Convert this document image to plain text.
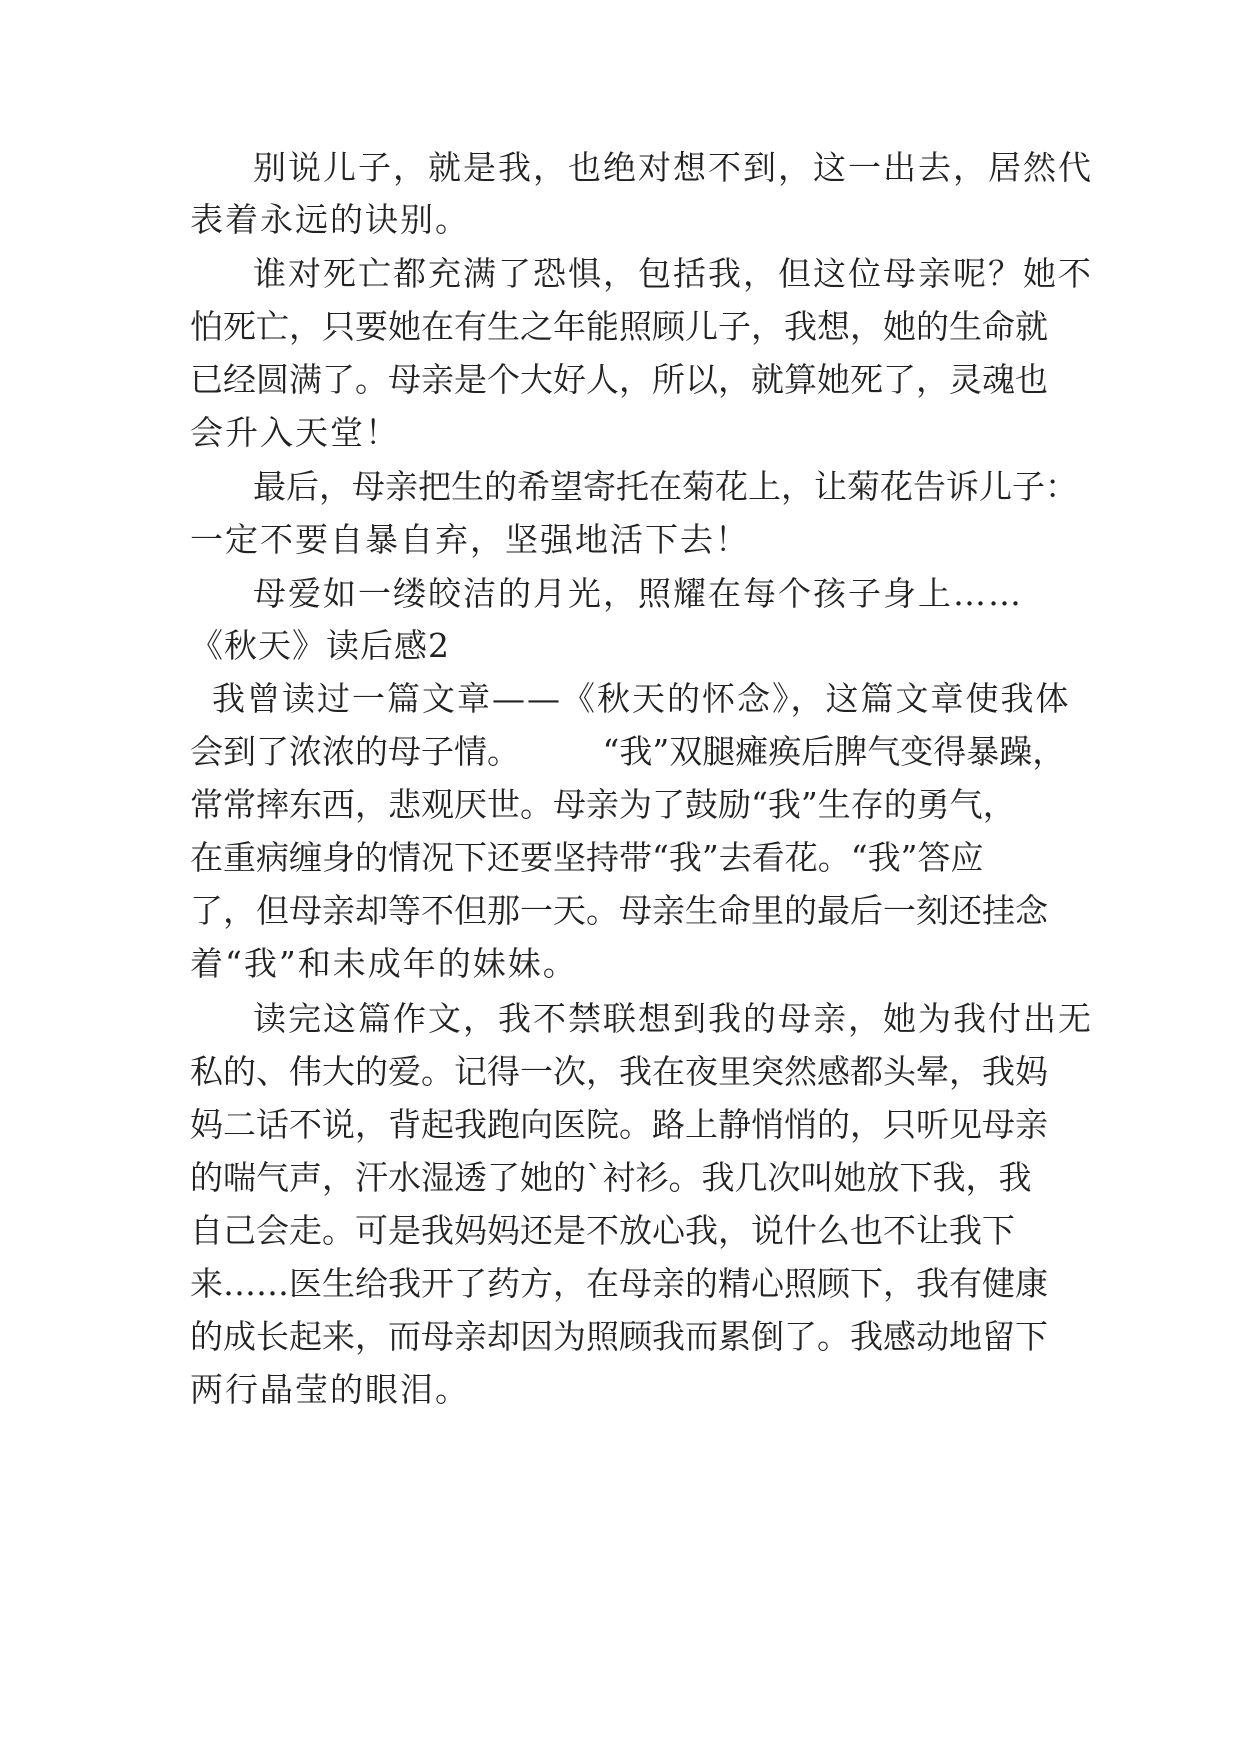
别说儿子，就是我，也绝对想不到，这一出去，居然代
表着永远的诀别。
谁对死亡都充满了恐惧，包括我，但这位母亲呢？她不
怕死亡，只要她在有生之年能照顾儿子，我想，她的生命就
已经圆满了。母亲是个大好人，所以，就算她死了，灵魂也
会升入天堂！
最后，母亲把生的希望寄托在菊花上，让菊花告诉儿子：
一定不要自暴自弃，坚强地活下去！
母爱如一缕皎洁的月光，照耀在每个孩子身上……
《秋天》读后感2
我曾读过一篇文章——《秋天的怀念》，这篇文章使我体
会到了浓浓的母子情。　　　“我”双腿瘫痪后脾气变得暴躁，
常常摔东西，悲观厌世。母亲为了鼓励“我”生存的勇气，
在重病缠身的情况下还要坚持带“我”去看花。“我”答应
了，但母亲却等不但那一天。母亲生命里的最后一刻还挂念
着“我”和未成年的妹妹。
读完这篇作文，我不禁联想到我的母亲，她为我付出无
私的、伟大的爱。记得一次，我在夜里突然感都头晕，我妈
妈二话不说，背起我跑向医院。路上静悄悄的，只听见母亲
的喘气声，汗水湿透了她的`衬衫。我几次叫她放下我，我
自己会走。可是我妈妈还是不放心我，说什么也不让我下
来……医生给我开了药方，在母亲的精心照顾下，我有健康
的成长起来，而母亲却因为照顾我而累倒了。我感动地留下
两行晶莹的眼泪。
